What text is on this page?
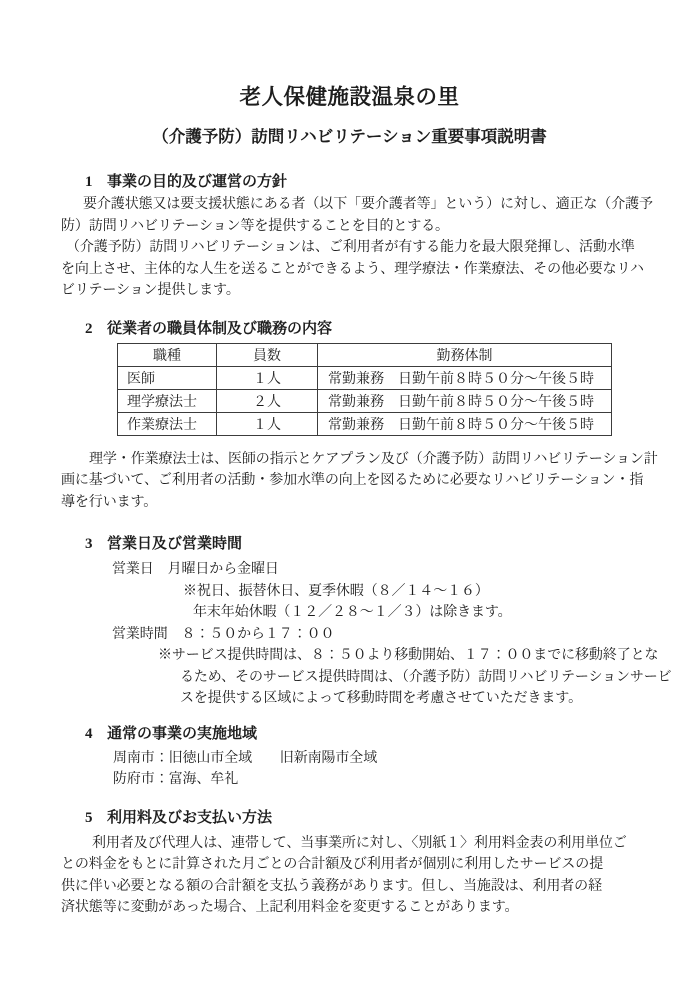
老人保健施設温泉の里
（介護予防）訪問リハビリテーション重要事項説明書
1 事業の目的及び運営の方針
要介護状態又は要支援状態にある者（以下「要介護者等」という）に対し、適正な（介護予
防）訪問リハビリテーション等を提供することを目的とする。
（介護予防）訪問リハビリテーションは、ご利用者が有する能力を最大限発揮し、活動水準
を向上させ、主体的な人生を送ることができるよう、理学療法・作業療法、その他必要なリハ
ビリテーション提供します。
2 従業者の職員体制及び職務の内容
職種	員数	勤務体制
医師	１人	常勤兼務　日勤午前８時５０分～午後５時
理学療法士	２人	常勤兼務　日勤午前８時５０分～午後５時
作業療法士	１人	常勤兼務　日勤午前８時５０分～午後５時
理学・作業療法士は、医師の指示とケアプラン及び（介護予防）訪問リハビリテーション計
画に基づいて、ご利用者の活動・参加水準の向上を図るために必要なリハビリテーション・指
導を行います。
3 営業日及び営業時間
営業日　月曜日から金曜日
※祝日、振替休日、夏季休暇（８／１４～１６）
年末年始休暇（１２／２８～１／３）は除きます。
営業時間　８：５０から１７：００
※サービス提供時間は、８：５０より移動開始、１７：００までに移動終了とな
るため、そのサービス提供時間は、（介護予防）訪問リハビリテーションサービ
スを提供する区域によって移動時間を考慮させていただきます。
4 通常の事業の実施地域
周南市：旧徳山市全域　　旧新南陽市全域
防府市：富海、牟礼
5 利用料及びお支払い方法
利用者及び代理人は、連帯して、当事業所に対し、〈別紙１〉利用料金表の利用単位ご
との料金をもとに計算された月ごとの合計額及び利用者が個別に利用したサービスの提
供に伴い必要となる額の合計額を支払う義務があります。但し、当施設は、利用者の経
済状態等に変動があった場合、上記利用料金を変更することがあります。
